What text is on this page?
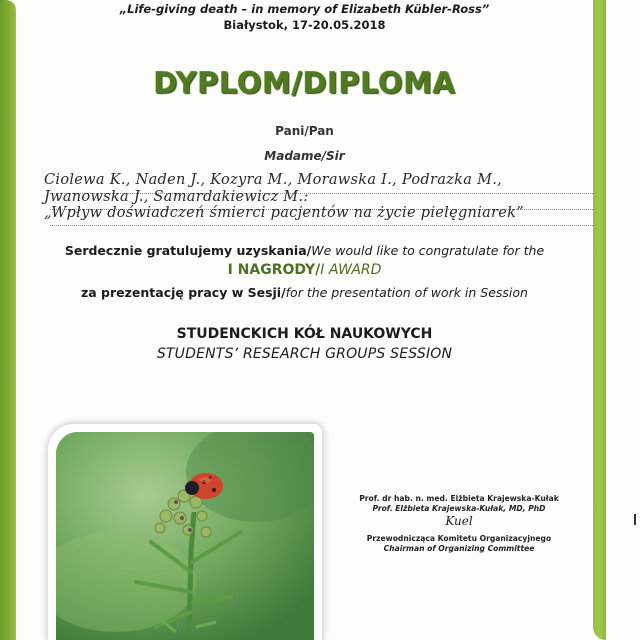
„Life-giving death – in memory of Elizabeth Kübler-Ross”
Białystok, 17-20.05.2018
DYPLOM/DIPLOMA
Pani/Pan
Madame/Sir
Ciolewa K., Naden J., Kozyra M., Morawska I., Podrazka M.,
Jwanowska J., Samardakiewicz M.:
„Wpływ doświadczeń śmierci pacjentów na życie pielęgniarek”
Serdecznie gratulujemy uzyskania/We would like to congratulate for the
I NAGRODY/I AWARD
za prezentację pracy w Sesji/for the presentation of work in Session
STUDENCKICH KÓŁ NAUKOWYCH
STUDENTS’ RESEARCH GROUPS SESSION
Prof. dr hab. n. med. Elżbieta Krajewska-Kułak
Prof. Elżbieta Krajewska-Kułak, MD, PhD
Kuel
Przewodnicząca Komitetu Organizacyjnego
Chairman of Organizing Committee
